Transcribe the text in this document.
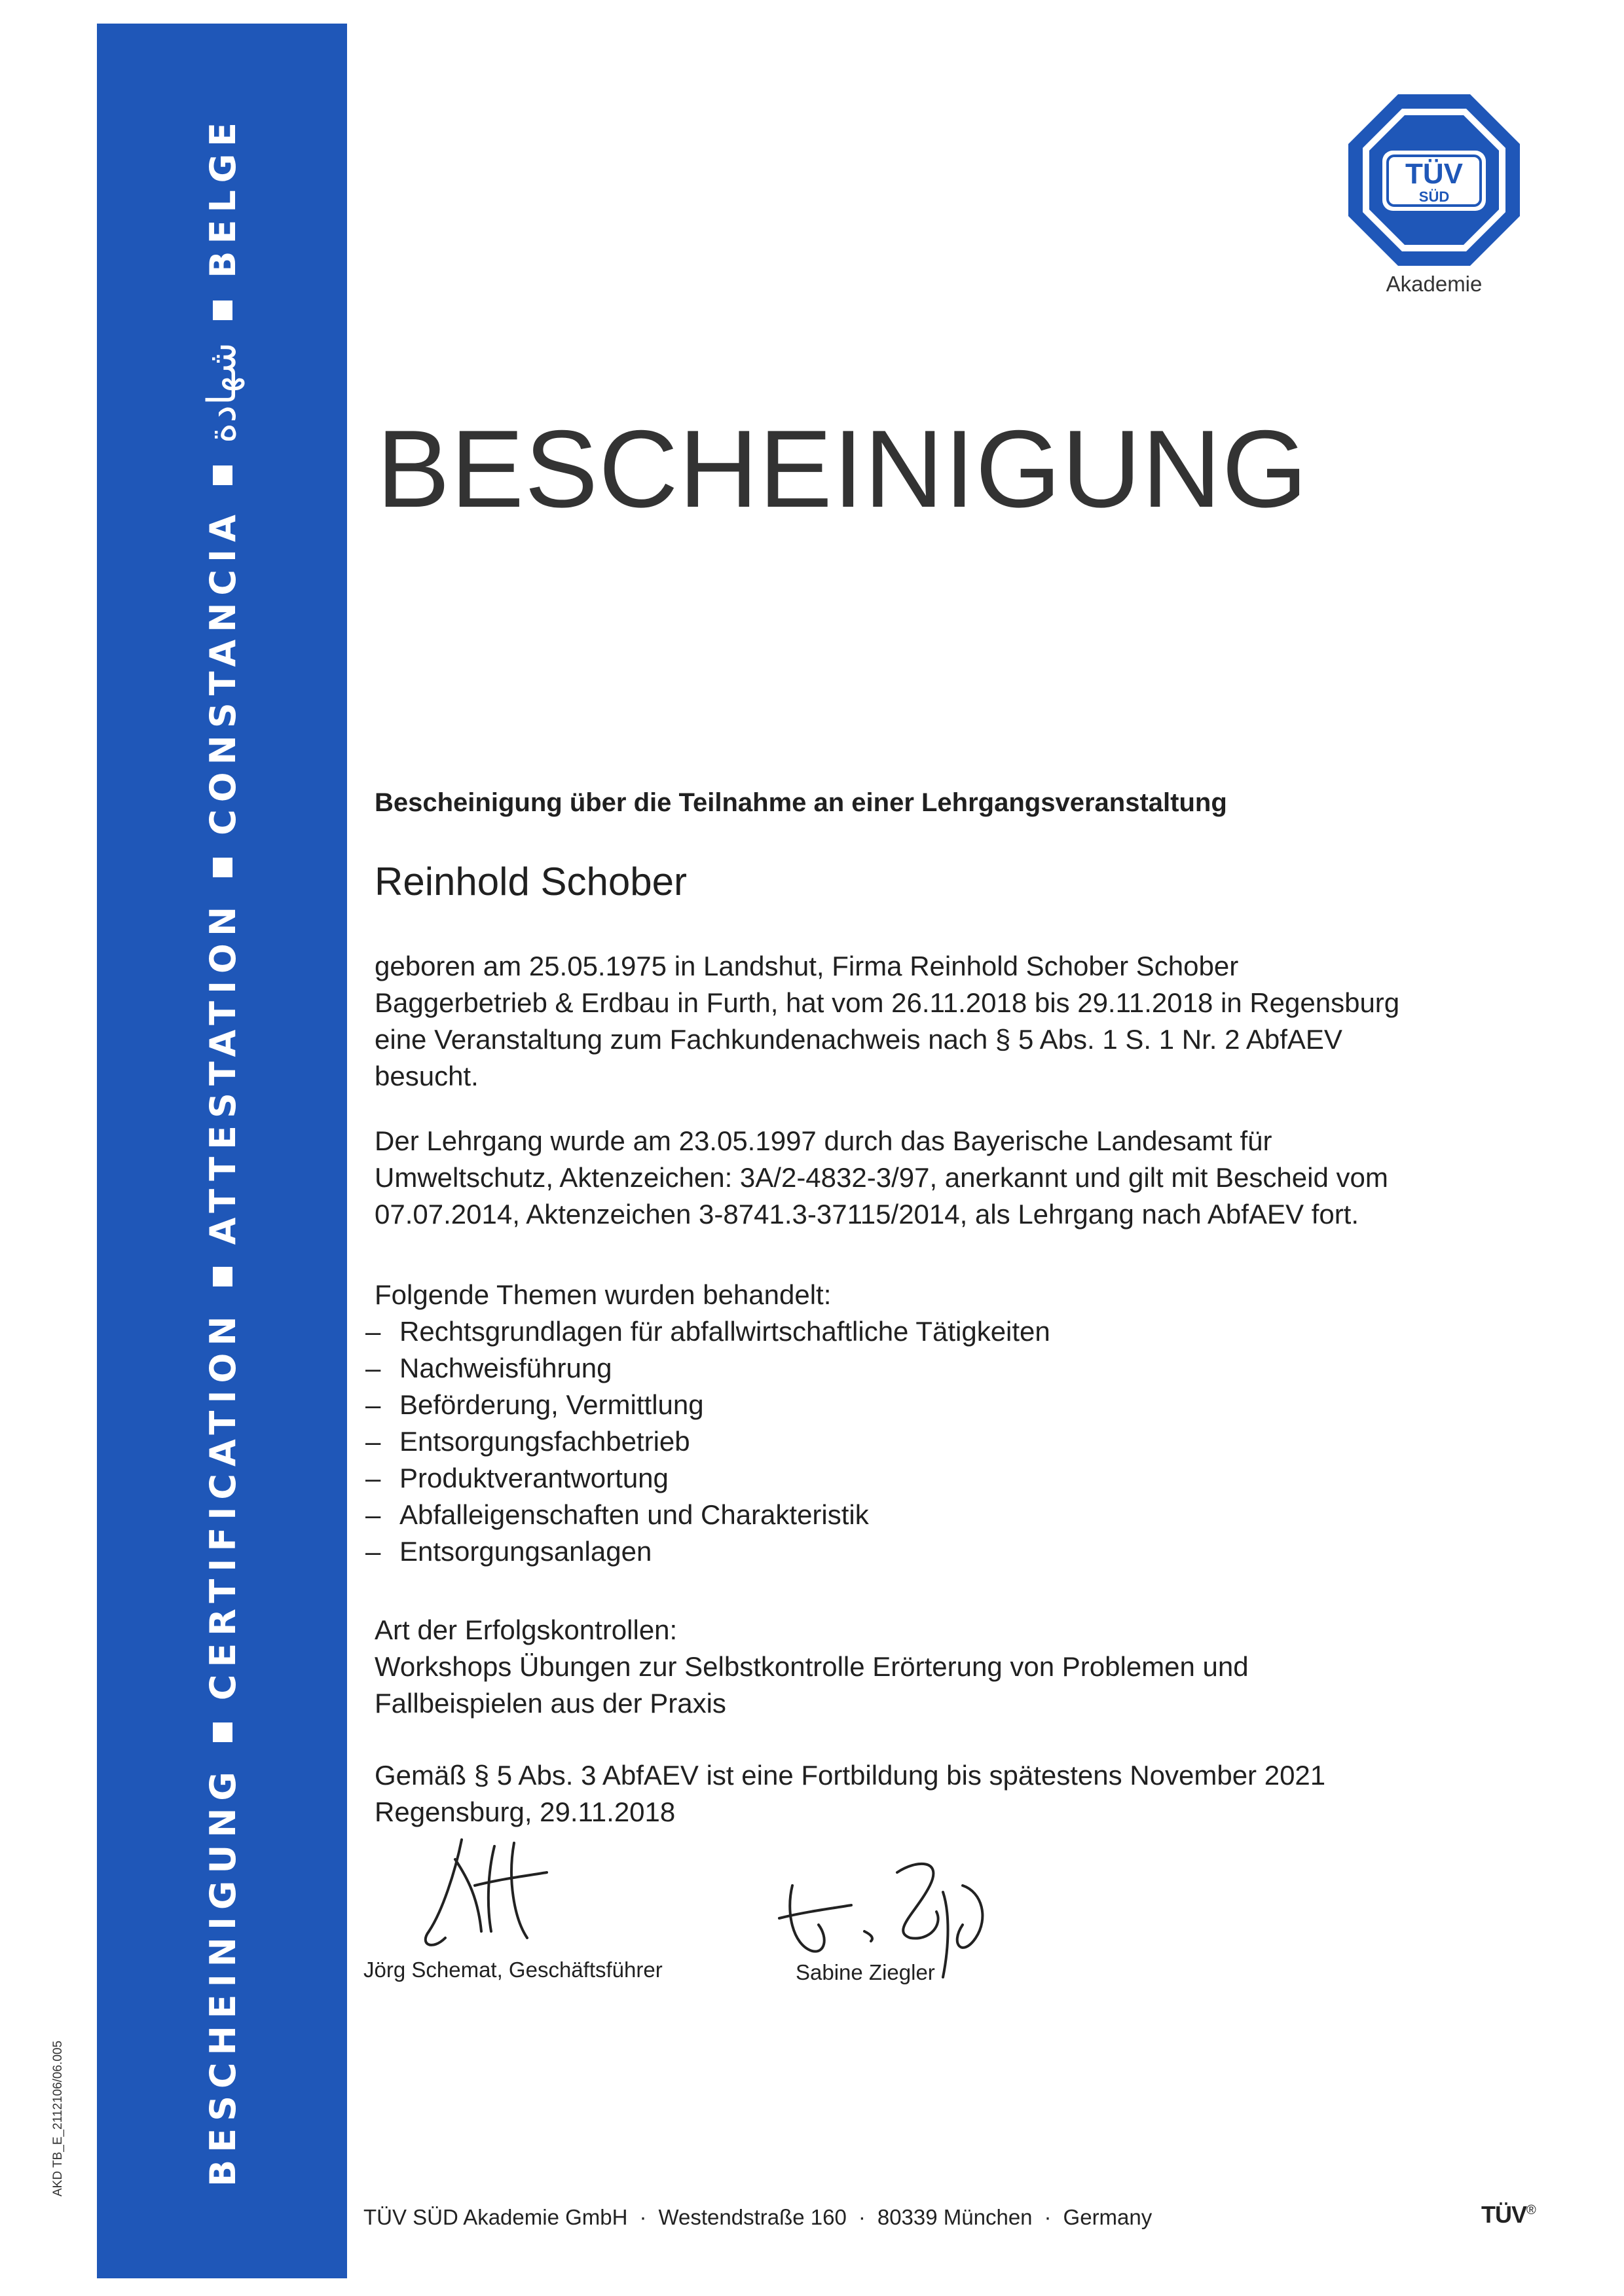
BESCHEINIGUNGCERTIFICATIONATTESTATIONCONSTANCIAشهادةBELGE
AKD TB_E_2112106/06.005
TÜV
SÜD
Akademie
BESCHEINIGUNG
Bescheinigung über die Teilnahme an einer Lehrgangsveranstaltung
Reinhold Schober
geboren am 25.05.1975 in Landshut, Firma Reinhold Schober Schober
Baggerbetrieb & Erdbau in Furth, hat vom 26.11.2018 bis 29.11.2018 in Regensburg
eine Veranstaltung zum Fachkundenachweis nach § 5 Abs. 1 S. 1 Nr. 2 AbfAEV
besucht.
Der Lehrgang wurde am 23.05.1997 durch das Bayerische Landesamt für
Umweltschutz, Aktenzeichen: 3A/2-4832-3/97, anerkannt und gilt mit Bescheid vom
07.07.2014, Aktenzeichen 3-8741.3-37115/2014, als Lehrgang nach AbfAEV fort.
Folgende Themen wurden behandelt:
– Rechtsgrundlagen für abfallwirtschaftliche Tätigkeiten
– Nachweisführung
– Beförderung, Vermittlung
– Entsorgungsfachbetrieb
– Produktverantwortung
– Abfalleigenschaften und Charakteristik
– Entsorgungsanlagen
Art der Erfolgskontrollen:
Workshops Übungen zur Selbstkontrolle Erörterung von Problemen und
Fallbeispielen aus der Praxis
Gemäß § 5 Abs. 3 AbfAEV ist eine Fortbildung bis spätestens November 2021
Regensburg, 29.11.2018
Jörg Schemat, Geschäftsführer	Sabine Ziegler
TÜV SÜD Akademie GmbH · Westendstraße 160 · 80339 München · Germany	TÜV®
